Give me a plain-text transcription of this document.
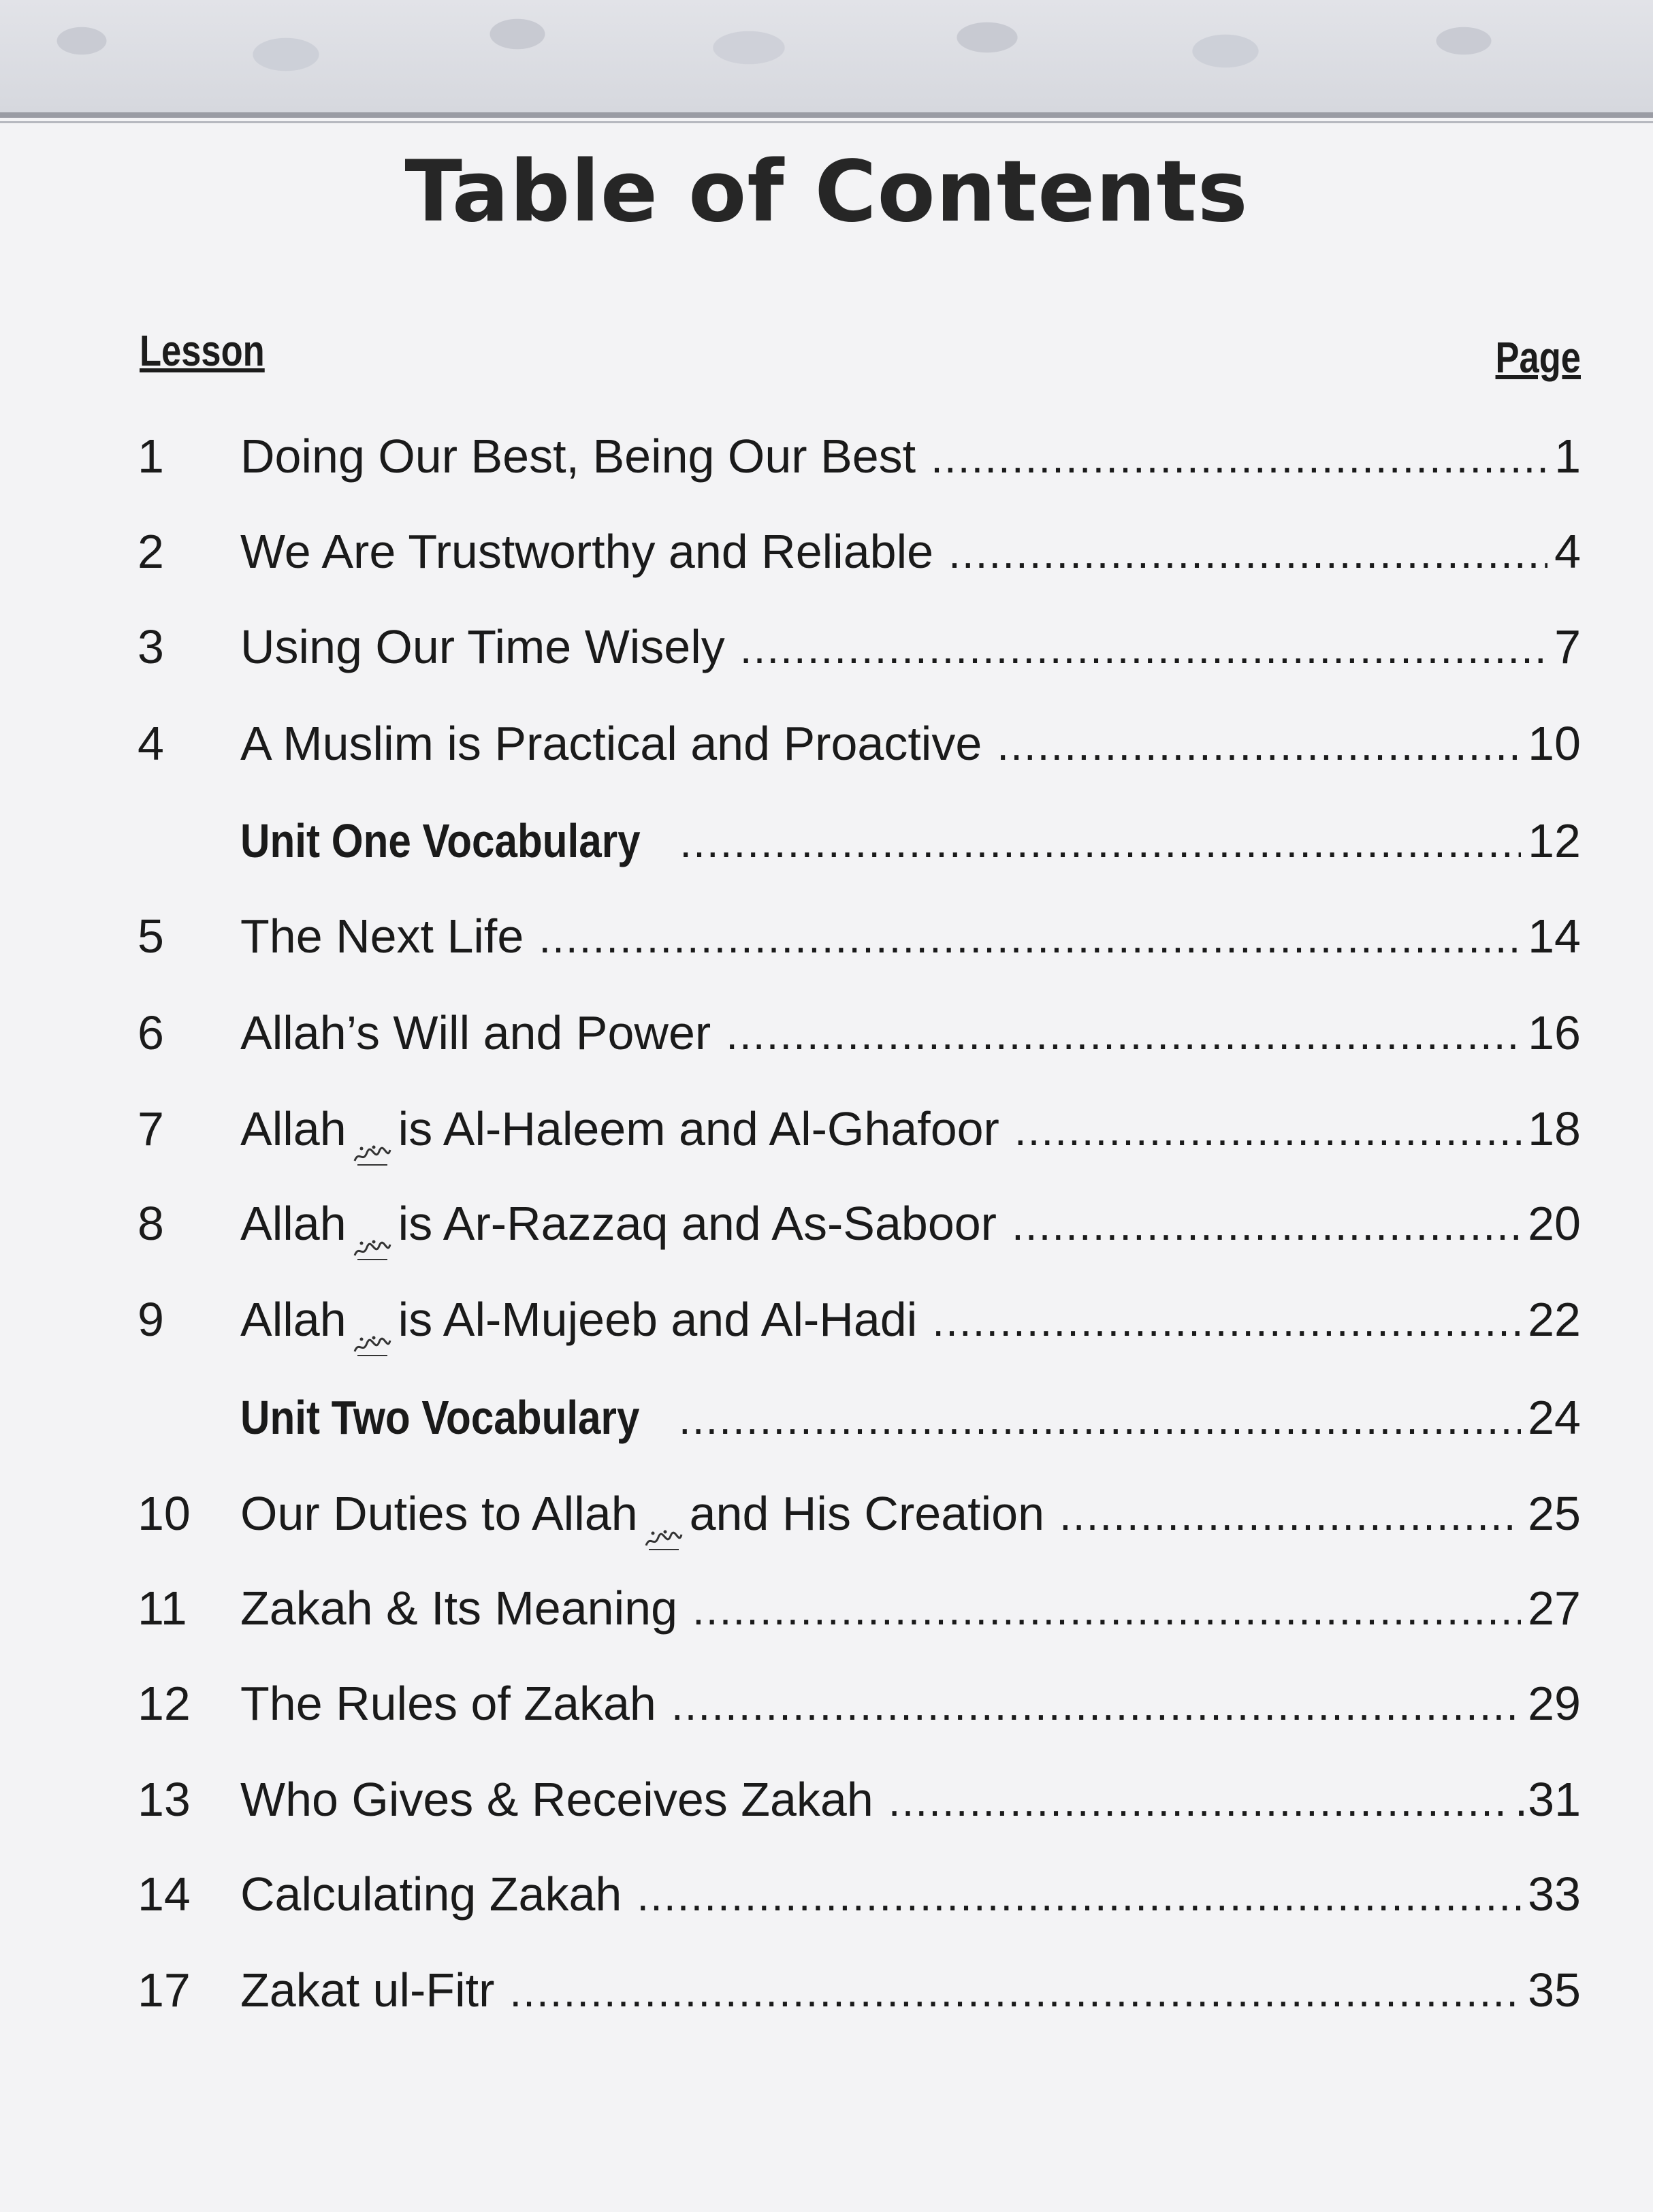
Table of Contents
Lesson	Page
1 Doing Our Best, Being Our Best .....	1
2 We Are Trustworthy and Reliable .....	4
3 Using Our Time Wisely .....	7
4 A Muslim is Practical and Proactive .....	10
Unit One Vocabulary .....	12
5 The Next Life .....	14
6 Allah’s Will and Power .....	16
7 Allah is Al-Haleem and Al-Ghafoor .....	18
8 Allah is Ar-Razzaq and As-Saboor .....	20
9 Allah is Al-Mujeeb and Al-Hadi .....	22
Unit Two Vocabulary .....	24
10 Our Duties to Allah and His Creation .....	25
11 Zakah & Its Meaning .....	27
12 The Rules of Zakah .....	29
13 Who Gives & Receives Zakah .....	.31
14 Calculating Zakah .....	33
17 Zakat ul-Fitr .....	35
